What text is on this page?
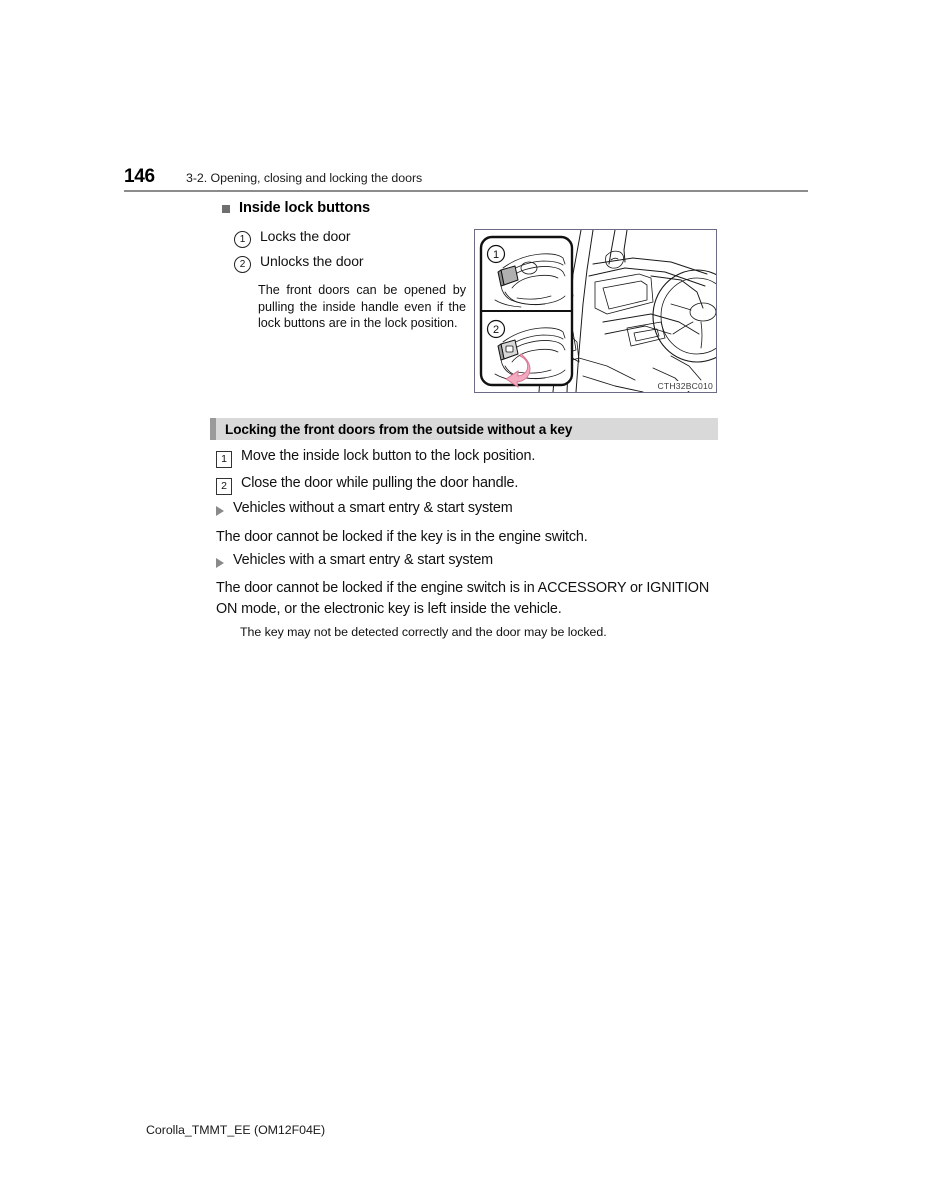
146	3-2. Opening, closing and locking the doors
Inside lock buttons
1	Locks the door
2	Unlocks the door
The front doors can be opened by pulling the inside handle even if the lock buttons are in the lock position.
1
2
CTH32BC010
Locking the front doors from the outside without a key
1 Move the inside lock button to the lock position.
2 Close the door while pulling the door handle.
Vehicles without a smart entry & start system
The door cannot be locked if the key is in the engine switch.
Vehicles with a smart entry & start system
The door cannot be locked if the engine switch is in ACCESSORY or IGNITION ON mode, or the electronic key is left inside the vehicle.
The key may not be detected correctly and the door may be locked.
Corolla_TMMT_EE (OM12F04E)
